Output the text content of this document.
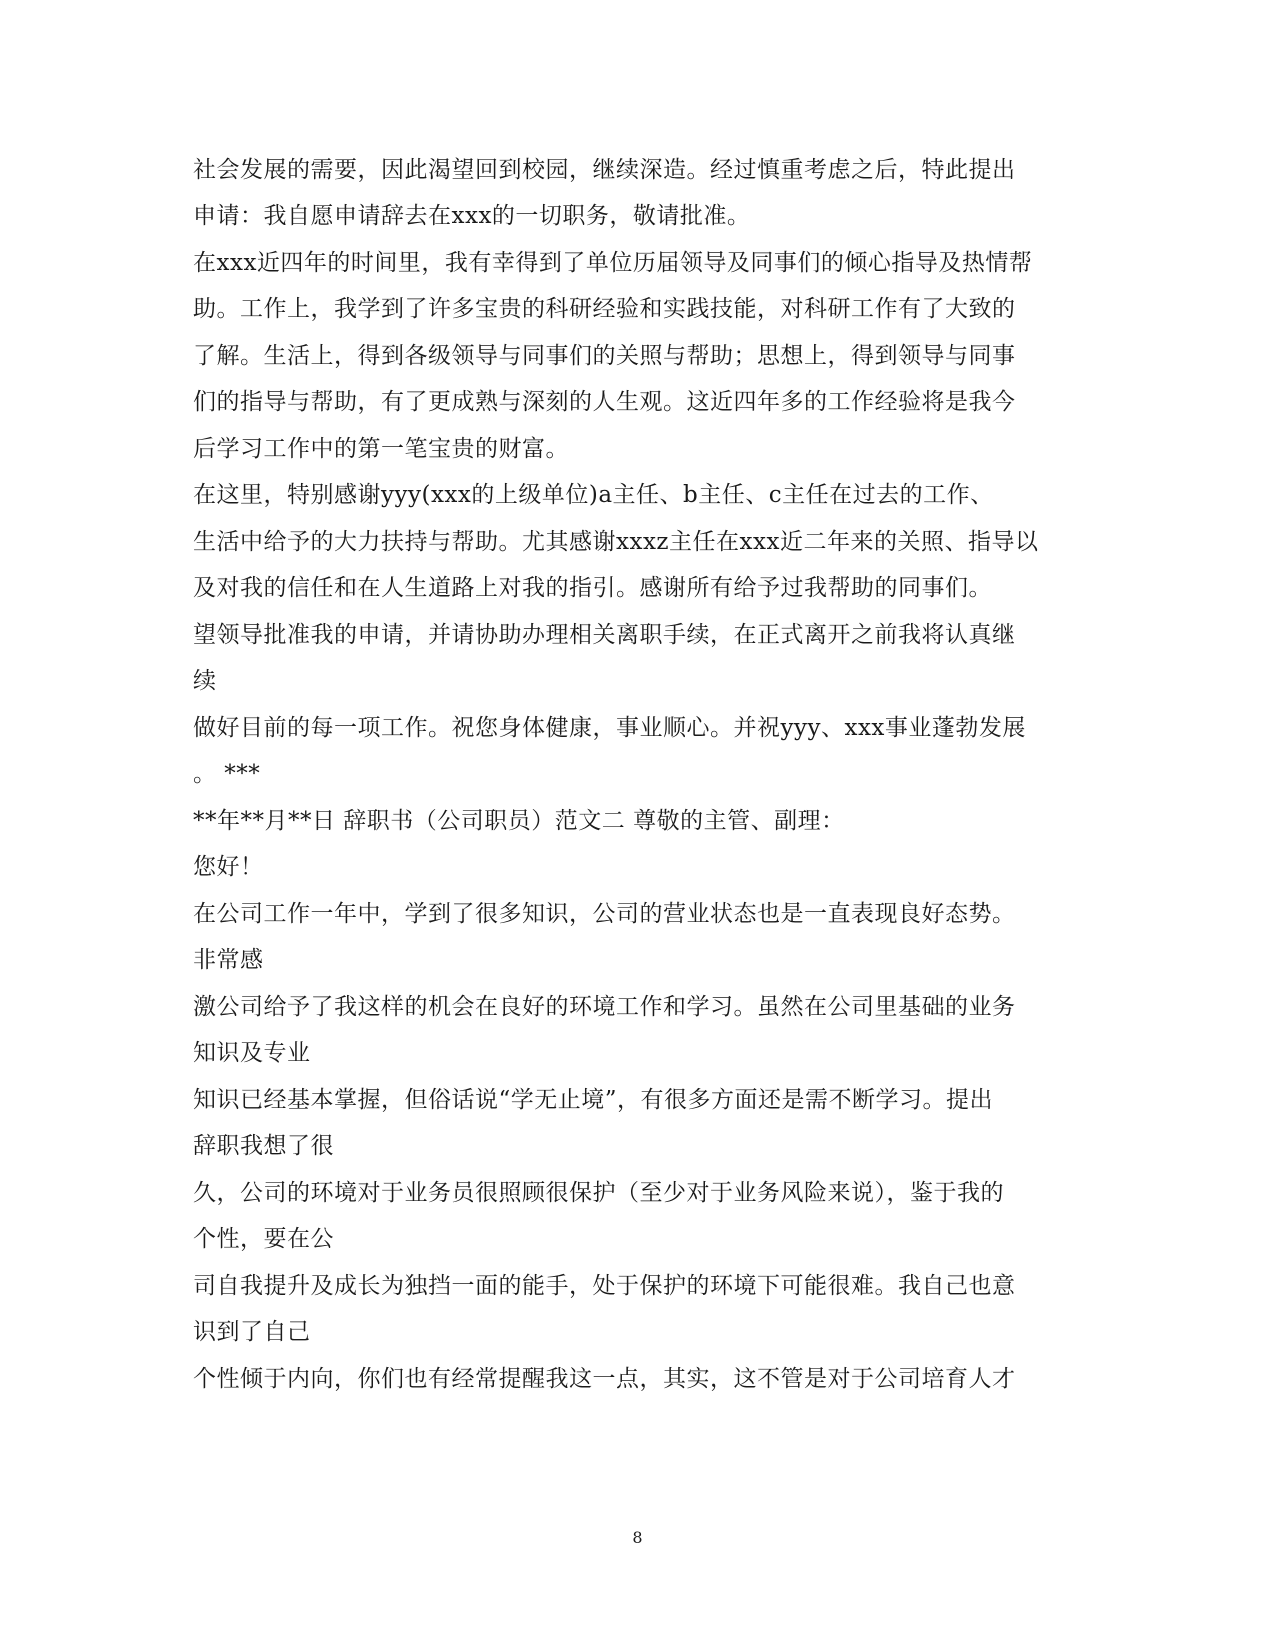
社会发展的需要，因此渴望回到校园，继续深造。经过慎重考虑之后，特此提出
申请：我自愿申请辞去在xxx的一切职务，敬请批准。
在xxx近四年的时间里，我有幸得到了单位历届领导及同事们的倾心指导及热情帮
助。工作上，我学到了许多宝贵的科研经验和实践技能，对科研工作有了大致的
了解。生活上，得到各级领导与同事们的关照与帮助；思想上，得到领导与同事
们的指导与帮助，有了更成熟与深刻的人生观。这近四年多的工作经验将是我今
后学习工作中的第一笔宝贵的财富。
在这里，特别感谢yyy(xxx的上级单位)a主任、b主任、c主任在过去的工作、
生活中给予的大力扶持与帮助。尤其感谢xxxz主任在xxx近二年来的关照、指导以
及对我的信任和在人生道路上对我的指引。感谢所有给予过我帮助的同事们。
望领导批准我的申请，并请协助办理相关离职手续，在正式离开之前我将认真继
续
做好目前的每一项工作。祝您身体健康，事业顺心。并祝yyy、xxx事业蓬勃发展
。 ***
**年**月**日 辞职书（公司职员）范文二 尊敬的主管、副理：
您好！
在公司工作一年中，学到了很多知识，公司的营业状态也是一直表现良好态势。
非常感
激公司给予了我这样的机会在良好的环境工作和学习。虽然在公司里基础的业务
知识及专业
知识已经基本掌握，但俗话说“学无止境”，有很多方面还是需不断学习。提出
辞职我想了很
久，公司的环境对于业务员很照顾很保护（至少对于业务风险来说），鉴于我的
个性，要在公
司自我提升及成长为独挡一面的能手，处于保护的环境下可能很难。我自己也意
识到了自己
个性倾于内向，你们也有经常提醒我这一点，其实，这不管是对于公司培育人才
8
